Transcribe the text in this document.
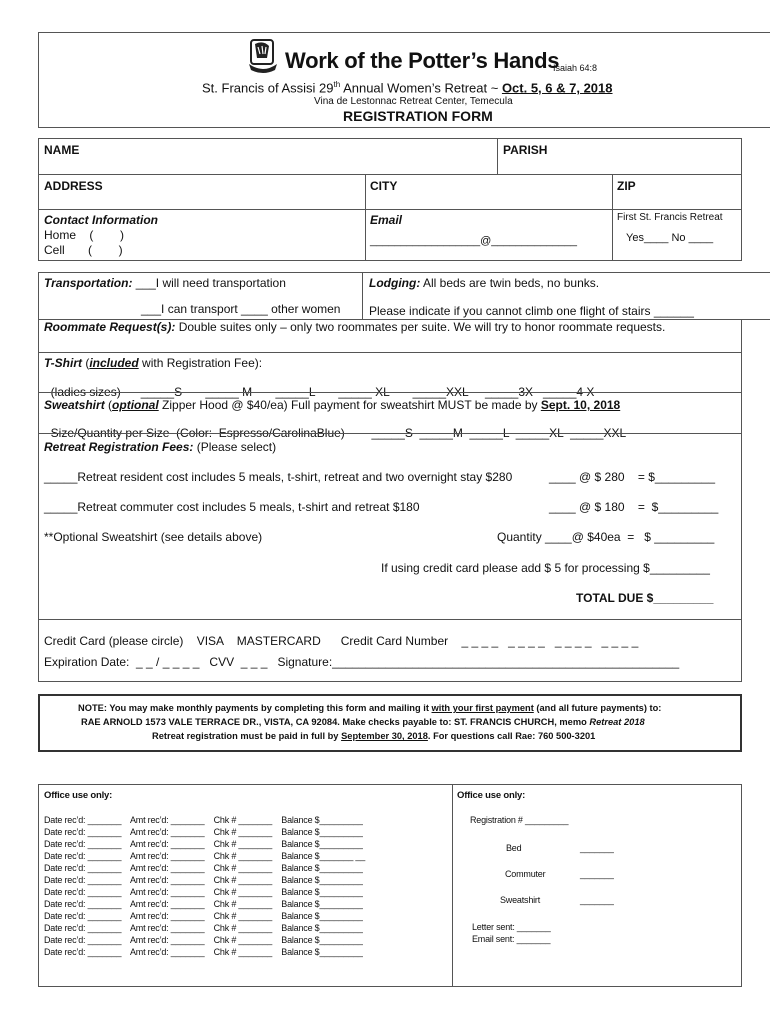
Work of the Potter’s Hands
Isaiah 64:8
St. Francis of Assisi 29th Annual Women’s Retreat ~ Oct. 5, 6 & 7, 2018
Vina de Lestonnac Retreat Center, Temecula
REGISTRATION FORM
NAME	PARISH
ADDRESS	CITY	ZIP
Contact Information
Home    (        )
Cell       (        )
Email
__________________@______________
First St. Francis Retreat
Yes____ No ____
Transportation: ___I will need transportation
___I can transport ____ other women
Lodging: All beds are twin beds, no bunks.
Please indicate if you cannot climb one flight of stairs ______
Roommate Request(s): Double suites only – only two roommates per suite. We will try to honor roommate requests.
T-Shirt (included with Registration Fee):

(ladies sizes) _____S       _____ M       _____L       _____ XL       _____XXL     _____3X   _____4 X

Sweatshirt (optional Zipper Hood @ $40/ea) Full payment for sweatshirt MUST be made by Sept. 10, 2018

Size/Quantity per Size  (Color:  Espresso/CarolinaBlue) _____S  _____M  _____L  _____XL  _____XXL

Retreat Registration Fees: (Please select)
_____Retreat resident cost includes 5 meals, t-shirt, retreat and two overnight stay $280	____ @ $ 280    = $_________
_____Retreat commuter cost includes 5 meals, t-shirt and retreat $180	____ @ $ 180    =  $_________
**Optional Sweatshirt (see details above)	Quantity ____@ $40ea  =   $ _________
If using credit card please add $ 5 for processing $_________
TOTAL DUE $_________
Credit Card (please circle)    VISA    MASTERCARD      Credit Card Number    _ _ _ _   _ _ _ _   _ _ _ _   _ _ _ _
Expiration Date:  _ _ / _ _ _ _   CVV  _ _ _   Signature:____________________________________________________
NOTE: You may make monthly payments by completing this form and mailing it with your first payment (and all future payments) to:
RAE ARNOLD 1573 VALE TERRACE DR., VISTA, CA 92084. Make checks payable to: ST. FRANCIS CHURCH, memo Retreat 2018
Retreat registration must be paid in full by September 30, 2018. For questions call Rae: 760 500-3201
Office use only:	Office use only:
Date rec’d: _______    Amt rec’d: _______    Chk # _______    Balance $_________
Date rec’d: _______    Amt rec’d: _______    Chk # _______    Balance $_________
Date rec’d: _______    Amt rec’d: _______    Chk # _______    Balance $_________
Date rec’d: _______    Amt rec’d: _______    Chk # _______    Balance $_______ __
Date rec’d: _______    Amt rec’d: _______    Chk # _______    Balance $_________
Date rec’d: _______    Amt rec’d: _______    Chk # _______    Balance $_________
Date rec’d: _______    Amt rec’d: _______    Chk # _______    Balance $_________
Date rec’d: _______    Amt rec’d: _______    Chk # _______    Balance $_________
Date rec’d: _______    Amt rec’d: _______    Chk # _______    Balance $_________
Date rec’d: _______    Amt rec’d: _______    Chk # _______    Balance $_________
Date rec’d: _______    Amt rec’d: _______    Chk # _______    Balance $_________
Date rec’d: _______    Amt rec’d: _______    Chk # _______    Balance $_________
Registration # _________
Bed	_______
Commuter	_______
Sweatshirt	_______
Letter sent: _______
Email sent: _______
